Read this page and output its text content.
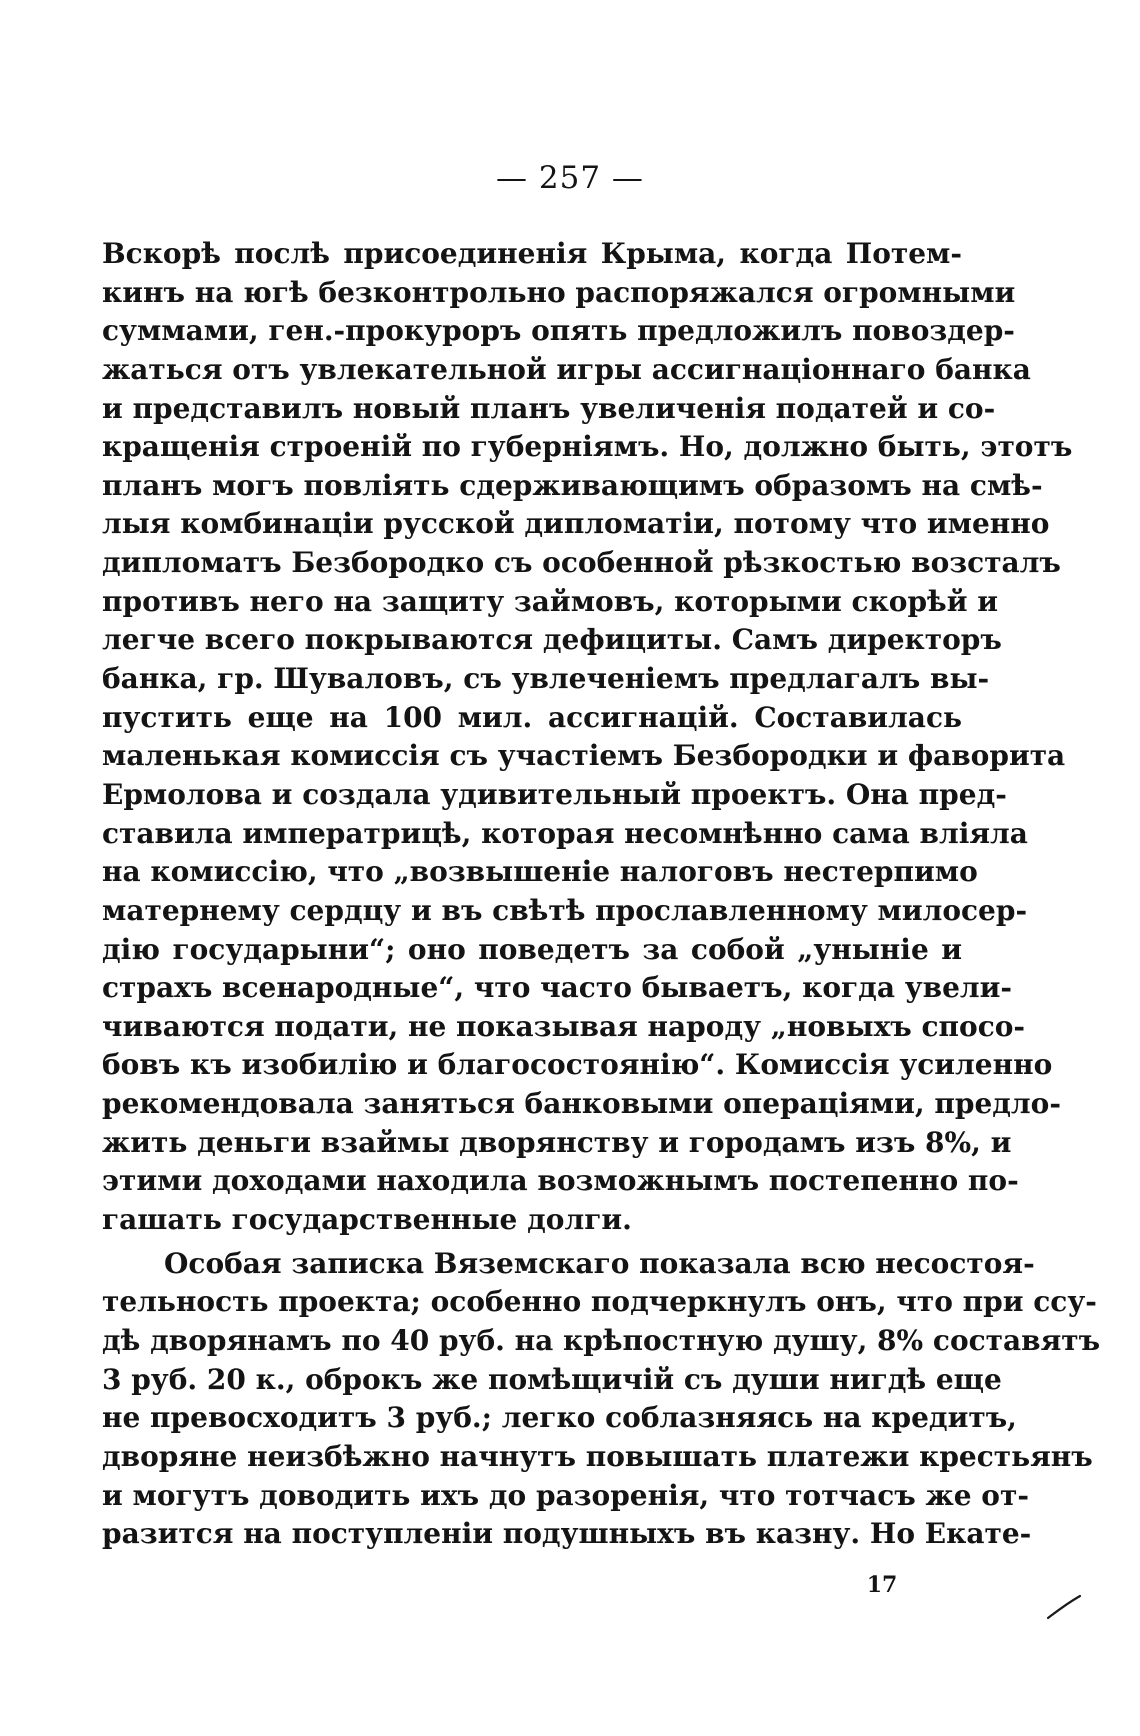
— 257 —
Вскорѣ послѣ присоединенія Крыма, когда Потем-
кинъ на югѣ безконтрольно распоряжался огромными
суммами, ген.-прокуроръ опять предложилъ повоздер-
жаться отъ увлекательной игры ассигнаціоннаго банка
и представилъ новый планъ увеличенія податей и со-
кращенія строеній по губерніямъ. Но, должно быть, этотъ
планъ могъ повліять сдерживающимъ образомъ на смѣ-
лыя комбинаціи русской дипломатіи, потому что именно
дипломатъ Безбородко съ особенной рѣзкостью возсталъ
противъ него на защиту займовъ, которыми скорѣй и
легче всего покрываются дефициты. Самъ директоръ
банка, гр. Шуваловъ, съ увлеченіемъ предлагалъ вы-
пустить еще на 100 мил. ассигнацій. Составилась
маленькая комиссія съ участіемъ Безбородки и фаворита
Ермолова и создала удивительный проектъ. Она пред-
ставила императрицѣ, которая несомнѣнно сама вліяла
на комиссію, что „возвышеніе налоговъ нестерпимо
матернему сердцу и въ свѣтѣ прославленному милосер-
дію государыни“; оно поведетъ за собой „уныніе и
страхъ всенародные“, что часто бываетъ, когда увели-
чиваются подати, не показывая народу „новыхъ спосо-
бовъ къ изобилію и благосостоянію“. Комиссія усиленно
рекомендовала заняться банковыми операціями, предло-
жить деньги взаймы дворянству и городамъ изъ 8%, и
этими доходами находила возможнымъ постепенно по-
гашать государственные долги.
Особая записка Вяземскаго показала всю несостоя-
тельность проекта; особенно подчеркнулъ онъ, что при ссу-
дѣ дворянамъ по 40 руб. на крѣпостную душу, 8% составятъ
3 руб. 20 к., оброкъ же помѣщичій съ души нигдѣ еще
не превосходитъ 3 руб.; легко соблазняясь на кредитъ,
дворяне неизбѣжно начнутъ повышать платежи крестьянъ
и могутъ доводить ихъ до разоренія, что тотчасъ же от-
разится на поступленіи подушныхъ въ казну. Но Екате-
17
